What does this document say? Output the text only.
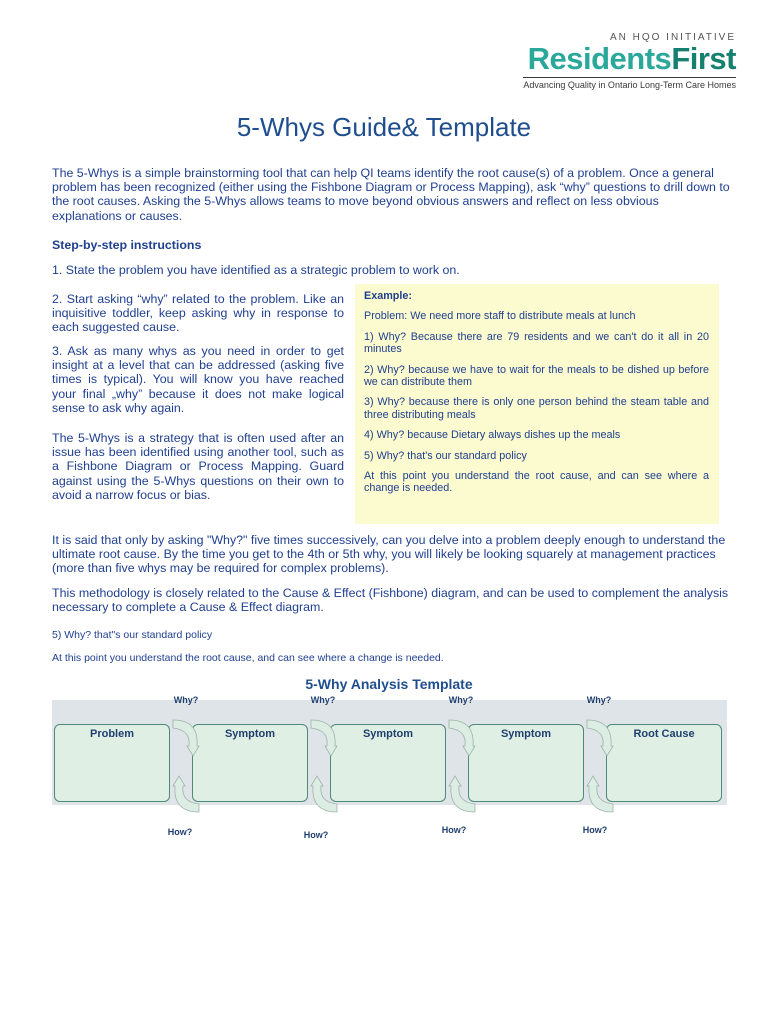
AN HQO INITIATIVE
ResidentsFirst
Advancing Quality in Ontario Long-Term Care Homes
5-Whys Guide& Template

The 5-Whys is a simple brainstorming tool that can help QI teams identify the root cause(s) of a problem. Once a general problem has been recognized (either using the Fishbone Diagram or Process Mapping), ask “why” questions to drill down to the root causes. Asking the 5-Whys allows teams to move beyond obvious answers and reflect on less obvious explanations or causes.

Step-by-step instructions

1. State the problem you have identified as a strategic problem to work on.

2. Start asking “why” related to the problem. Like an inquisitive toddler, keep asking why in response to each suggested cause.

3. Ask as many whys as you need in order to get insight at a level that can be addressed (asking five times is typical). You will know you have reached your final „why” because it does not make logical sense to ask why again.

The 5-Whys is a strategy that is often used after an issue has been identified using another tool, such as a Fishbone Diagram or Process Mapping. Guard against using the 5-Whys questions on their own to avoid a narrow focus or bias.

Example:

Problem: We need more staff to distribute meals at lunch

1) Why? Because there are 79 residents and we can't do it all in 20 minutes

2) Why? because we have to wait for the meals to be dished up before we can distribute them

3) Why? because there is only one person behind the steam table and three distributing meals

4) Why? because Dietary always dishes up the meals

5) Why? that's our standard policy

At this point you understand the root cause, and can see where a change is needed.

It is said that only by asking "Why?" five times successively, can you delve into a problem deeply enough to understand the ultimate root cause. By the time you get to the 4th or 5th why, you will likely be looking squarely at management practices (more than five whys may be required for complex problems).

This methodology is closely related to the Cause & Effect (Fishbone) diagram, and can be used to complement the analysis necessary to complete a Cause & Effect diagram.

5) Why? that"s our standard policy

At this point you understand the root cause, and can see where a change is needed.

5-Why Analysis Template

Problem	Symptom	Symptom	Symptom	Root Cause
Why?	Why?	Why?	Why?
How?	How?	How?	How?
